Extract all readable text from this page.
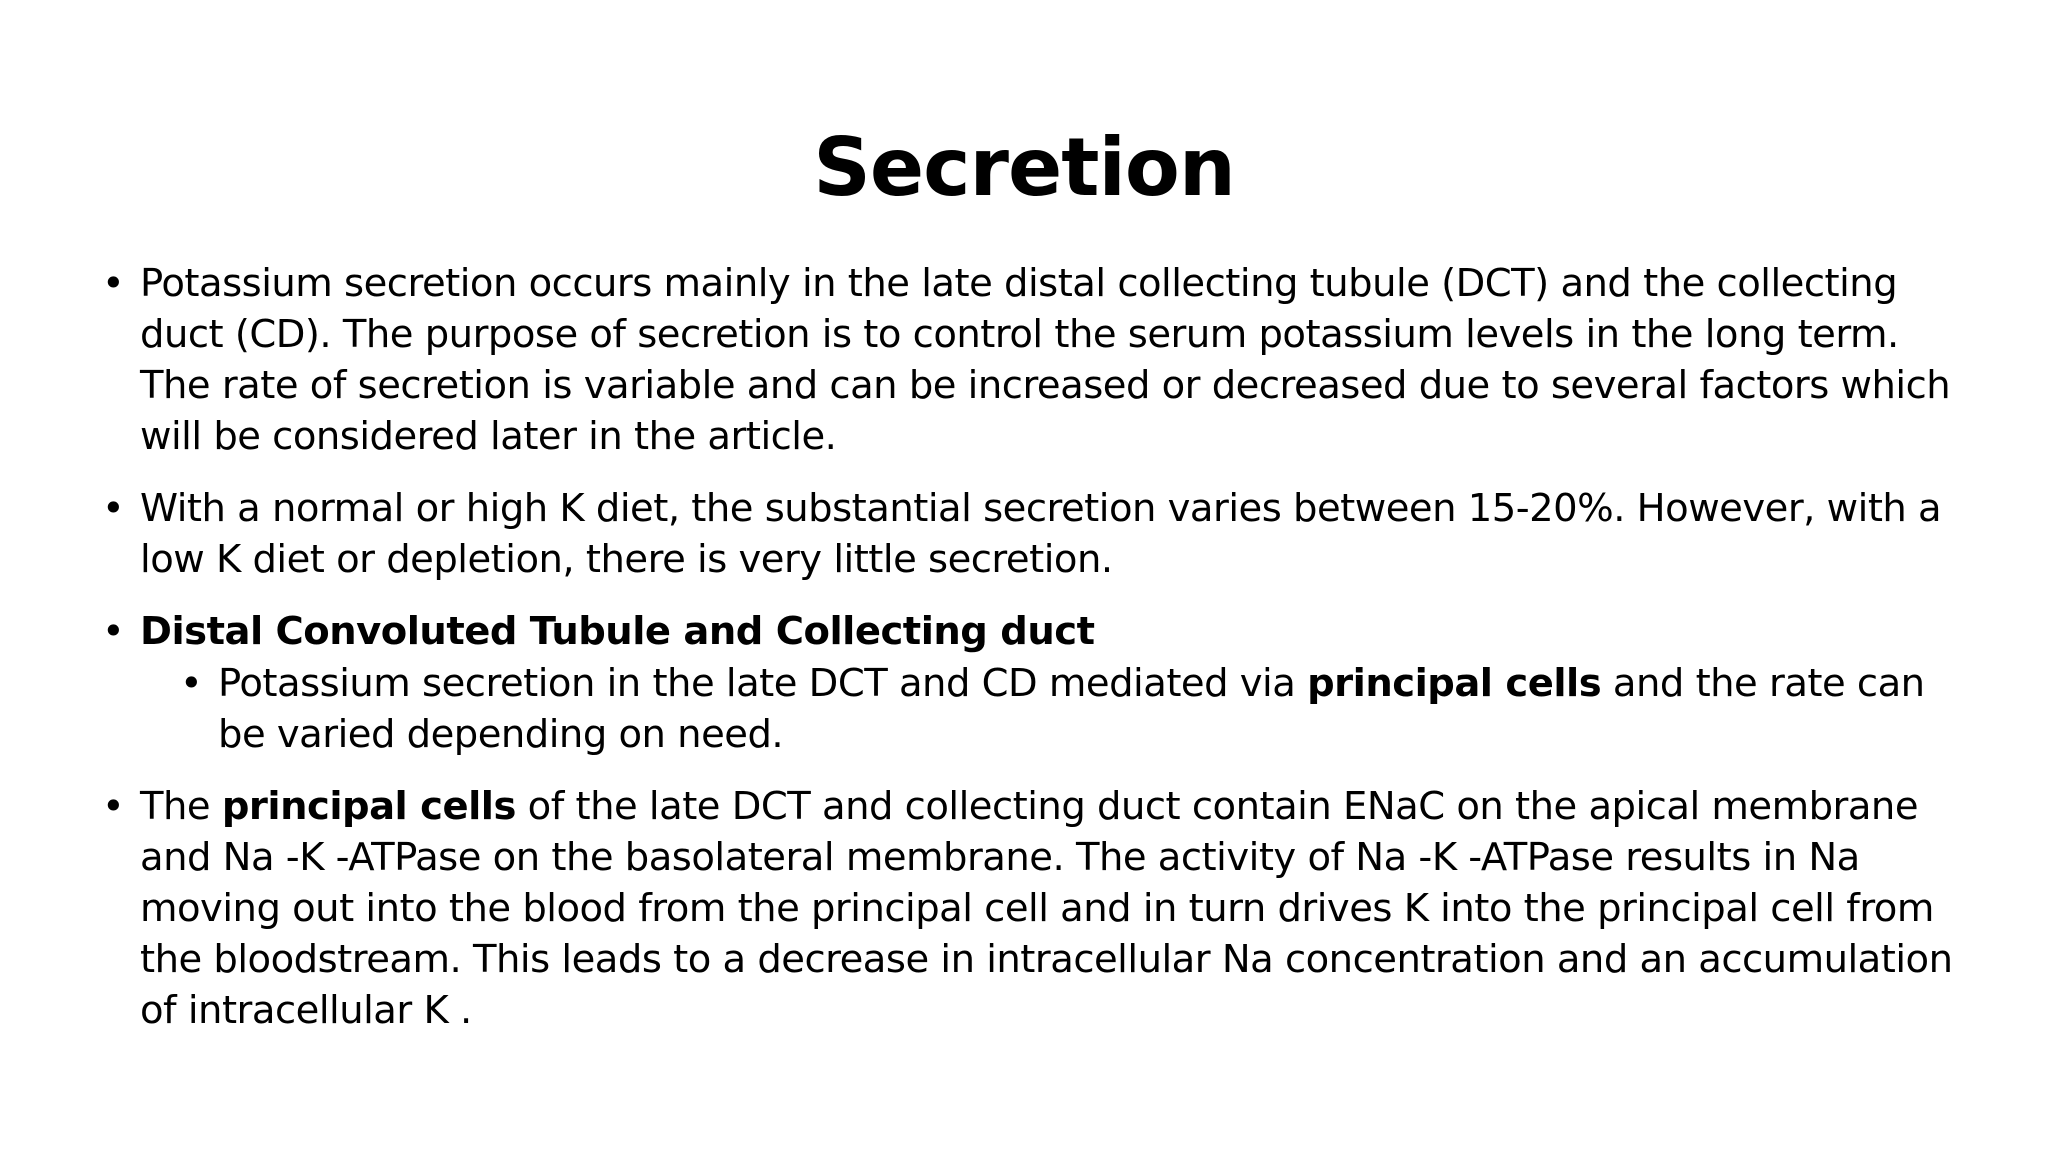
Secretion
• Potassium secretion occurs mainly in the late distal collecting tubule (DCT) and the collecting duct (CD). The purpose of secretion is to control the serum potassium levels in the long term. The rate of secretion is variable and can be increased or decreased due to several factors which will be considered later in the article.
• With a normal or high K diet, the substantial secretion varies between 15-20%. However, with a low K diet or depletion, there is very little secretion.
• Distal Convoluted Tubule and Collecting duct
• Potassium secretion in the late DCT and CD mediated via principal cells and the rate can be varied depending on need.
• The principal cells of the late DCT and collecting duct contain ENaC on the apical membrane and Na -K -ATPase on the basolateral membrane. The activity of Na -K -ATPase results in Na moving out into the blood from the principal cell and in turn drives K into the principal cell from the bloodstream. This leads to a decrease in intracellular Na concentration and an accumulation of intracellular K .
